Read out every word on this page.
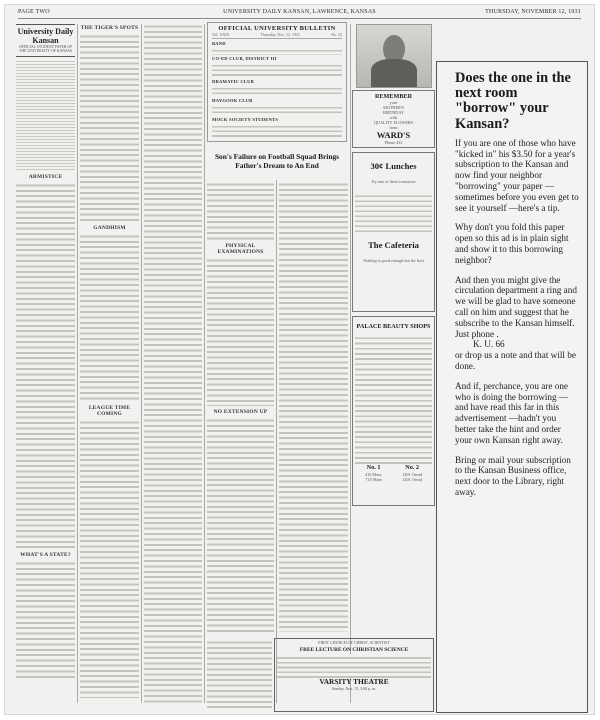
PAGE TWO	UNIVERSITY DAILY KANSAN, LAWRENCE, KANSAS	THURSDAY, NOVEMBER 12, 1931
University Daily Kansan
OFFICIAL STUDENT PAPER OF THE UNIVERSITY OF KANSAS
ARMISTICE
WHAT'S A STATE?
THE TIGER'S SPOTS
GANDHISM
LEAGUE TIME COMING
OFFICIAL UNIVERSITY BULLETIN
Vol. XXIX	Thursday, Nov. 12, 1931	No. 52
BAND
CO-ED CLUB, DISTRICT III
DRAMATIC CLUB
HAYGOOK CLUB
MOCK SOCIETY STUDENTS
Son's Failure on Football Squad Brings Father's Dream to An End
PHYSICAL EXAMINATIONS
NO EXTENSION UP
FIRST CHURCH OF CHRIST, SCIENTIST
FREE LECTURE ON CHRISTIAN SCIENCE
VARSITY THEATRE
Sunday, Nov. 15, 3:00 p. m.
REMEMBER
your
MOTHER'S
BIRTHDAY
with
QUALITY FLOWERS
from
WARD'S
Phone 433
30¢ Lunches
Try one of these tomorrow
The Cafeteria
Nothing is good enough but the best
PALACE BEAUTY SHOPS
No. 1
410 Mass.
710 Main
No. 2
1201 Oread
1201 Oread
Does the one in the next room "borrow" your Kansan?
If you are one of those who have "kicked in" his $3.50 for a year's subscription to the Kansan and now find your neighbor "borrowing" your paper —sometimes before you even get to see it yourself —here's a tip.
Why don't you fold this paper open so this ad is in plain sight and show it to this borrowing neighbor?
And then you might give the circulation department a ring and we will be glad to have someone call on him and suggest that he subscribe to the Kansan himself. Just phone .
K. U. 66
or drop us a note and that will be done.
And if, perchance, you are one who is doing the borrowing —and have read this far in this advertisement —hadn't you better take the hint and order your own Kansan right away.
Bring or mail your subscription to the Kansan Business office, next door to the Library, right away.
